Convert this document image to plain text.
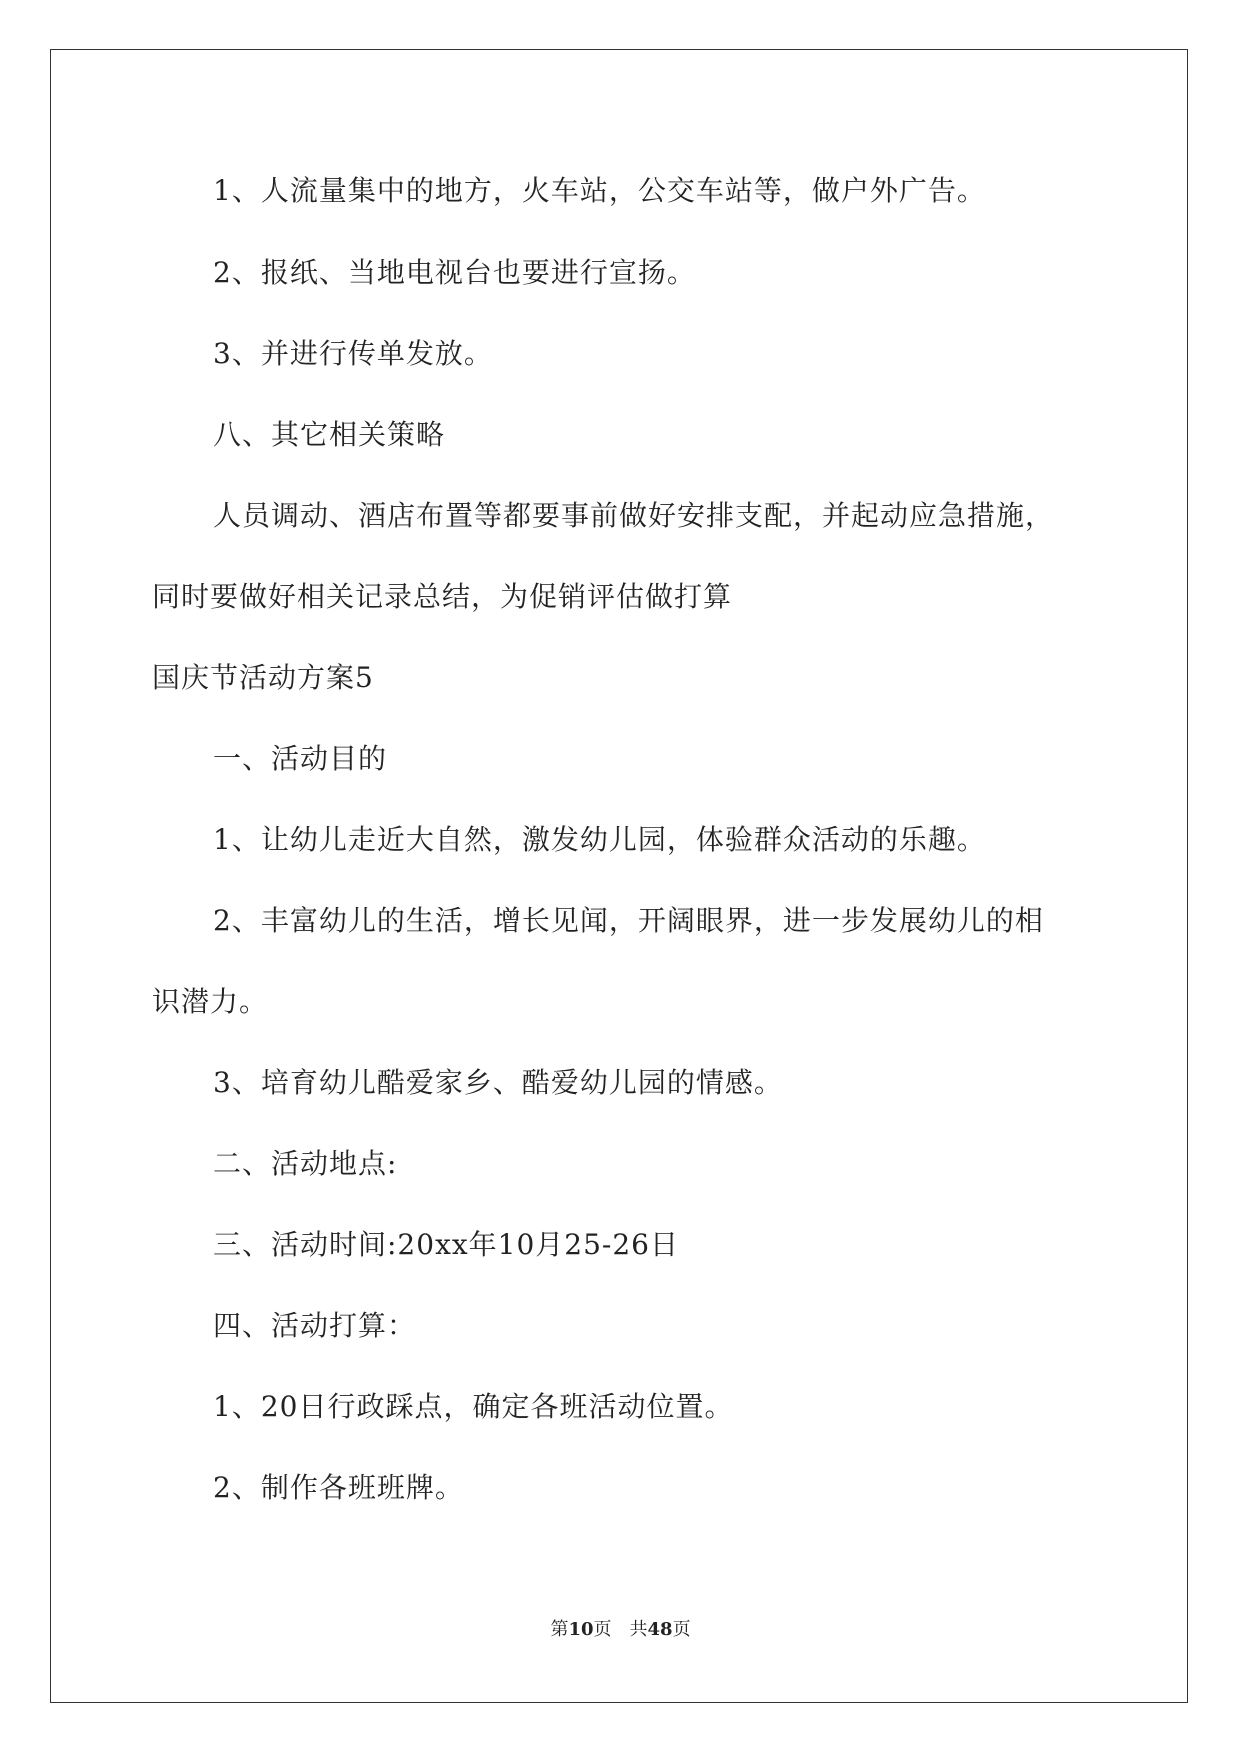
1、人流量集中的地方，火车站，公交车站等，做户外广告。
2、报纸、当地电视台也要进行宣扬。
3、并进行传单发放。
八、其它相关策略
人员调动、酒店布置等都要事前做好安排支配，并起动应急措施，
同时要做好相关记录总结，为促销评估做打算
国庆节活动方案5
一、活动目的
1、让幼儿走近大自然，激发幼儿园，体验群众活动的乐趣。
2、丰富幼儿的生活，增长见闻，开阔眼界，进一步发展幼儿的相
识潜力。
3、培育幼儿酷爱家乡、酷爱幼儿园的情感。
二、活动地点:
三、活动时间:20xx年10月25-26日
四、活动打算：
1、20日行政踩点，确定各班活动位置。
2、制作各班班牌。
第10页 共48页
